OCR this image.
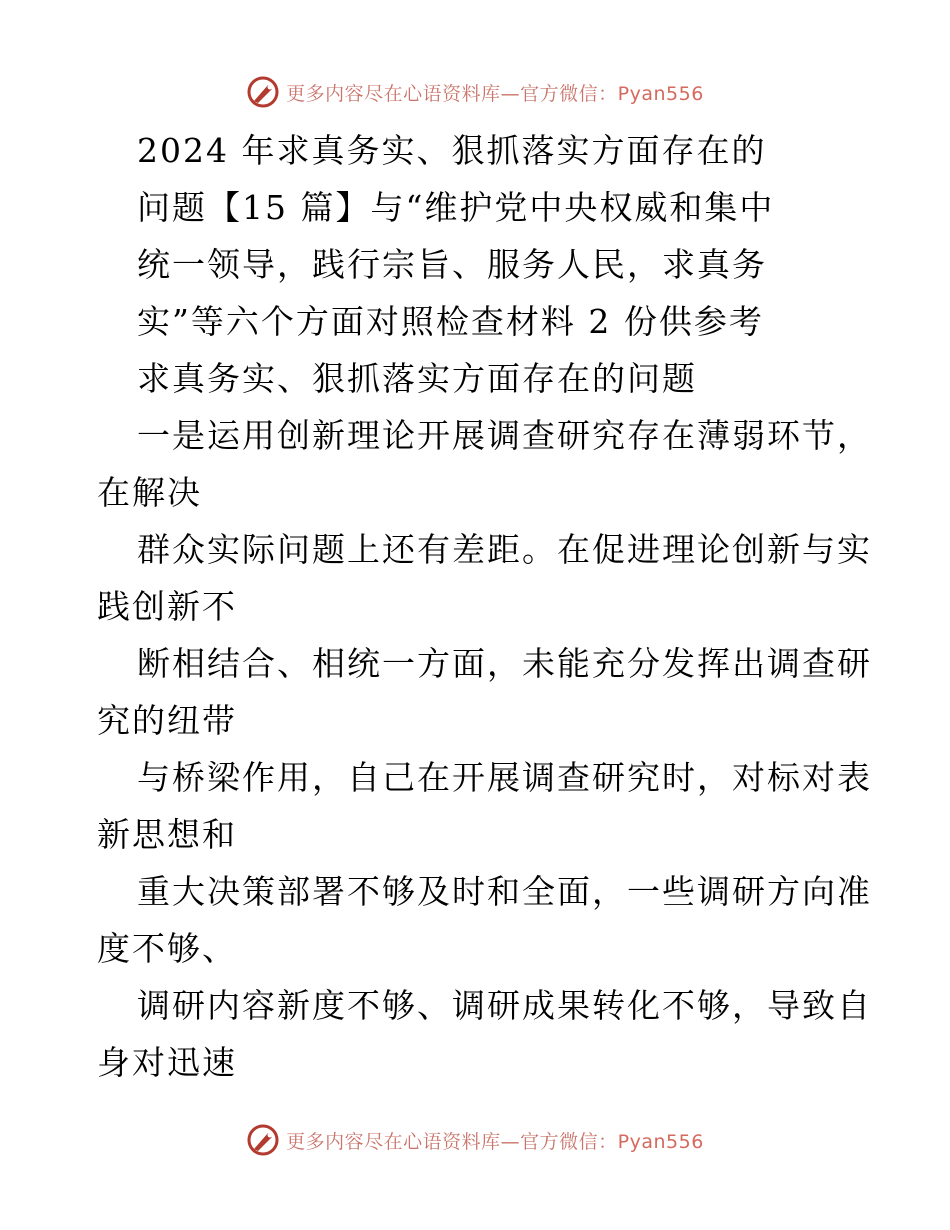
更多内容尽在心语资料库—官方微信：Pyan556
2024 年求真务实、狠抓落实方面存在的
问题【15 篇】与“维护党中央权威和集中
统一领导，践行宗旨、服务人民，求真务
实”等六个方面对照检查材料 2 份供参考
求真务实、狠抓落实方面存在的问题
一是运用创新理论开展调查研究存在薄弱环节，
在解决
群众实际问题上还有差距。在促进理论创新与实
践创新不
断相结合、相统一方面，未能充分发挥出调查研
究的纽带
与桥梁作用，自己在开展调查研究时，对标对表
新思想和
重大决策部署不够及时和全面，一些调研方向准
度不够、
调研内容新度不够、调研成果转化不够，导致自
身对迅速
更多内容尽在心语资料库—官方微信：Pyan556
